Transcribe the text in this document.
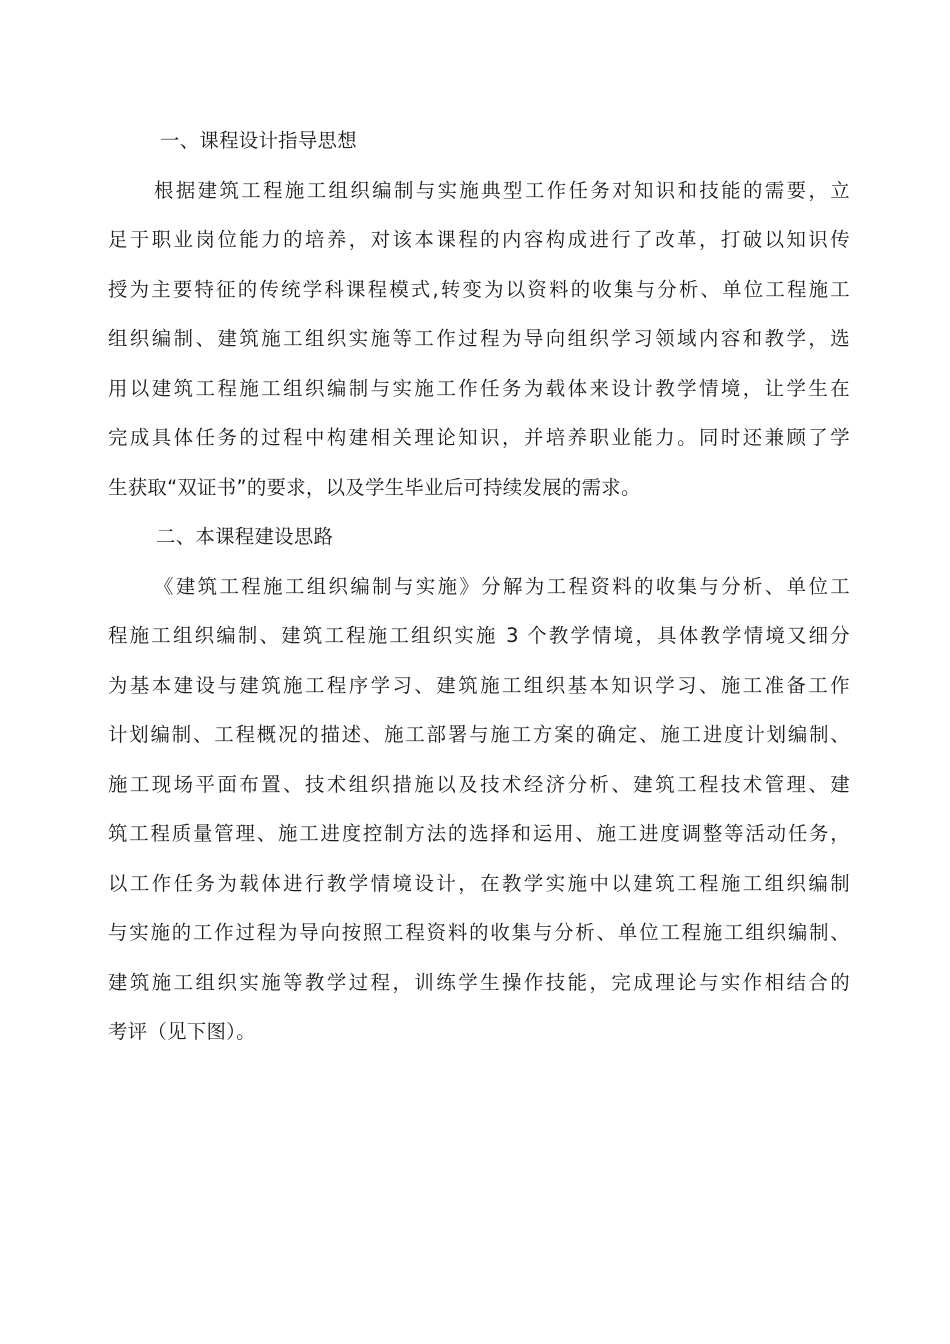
一、课程设计指导思想

根据建筑工程施工组织编制与实施典型工作任务对知识和技能的需要，立
足于职业岗位能力的培养，对该本课程的内容构成进行了改革，打破以知识传
授为主要特征的传统学科课程模式,转变为以资料的收集与分析、单位工程施工
组织编制、建筑施工组织实施等工作过程为导向组织学习领域内容和教学，选
用以建筑工程施工组织编制与实施工作任务为载体来设计教学情境，让学生在
完成具体任务的过程中构建相关理论知识，并培养职业能力。同时还兼顾了学
生获取“双证书”的要求，以及学生毕业后可持续发展的需求。

二、本课程建设思路

《建筑工程施工组织编制与实施》分解为工程资料的收集与分析、单位工
程施工组织编制、建筑工程施工组织实施 3 个教学情境，具体教学情境又细分
为基本建设与建筑施工程序学习、建筑施工组织基本知识学习、施工准备工作
计划编制、工程概况的描述、施工部署与施工方案的确定、施工进度计划编制、
施工现场平面布置、技术组织措施以及技术经济分析、建筑工程技术管理、建
筑工程质量管理、施工进度控制方法的选择和运用、施工进度调整等活动任务，
以工作任务为载体进行教学情境设计，在教学实施中以建筑工程施工组织编制
与实施的工作过程为导向按照工程资料的收集与分析、单位工程施工组织编制、
建筑施工组织实施等教学过程，训练学生操作技能，完成理论与实作相结合的
考评（见下图）。
